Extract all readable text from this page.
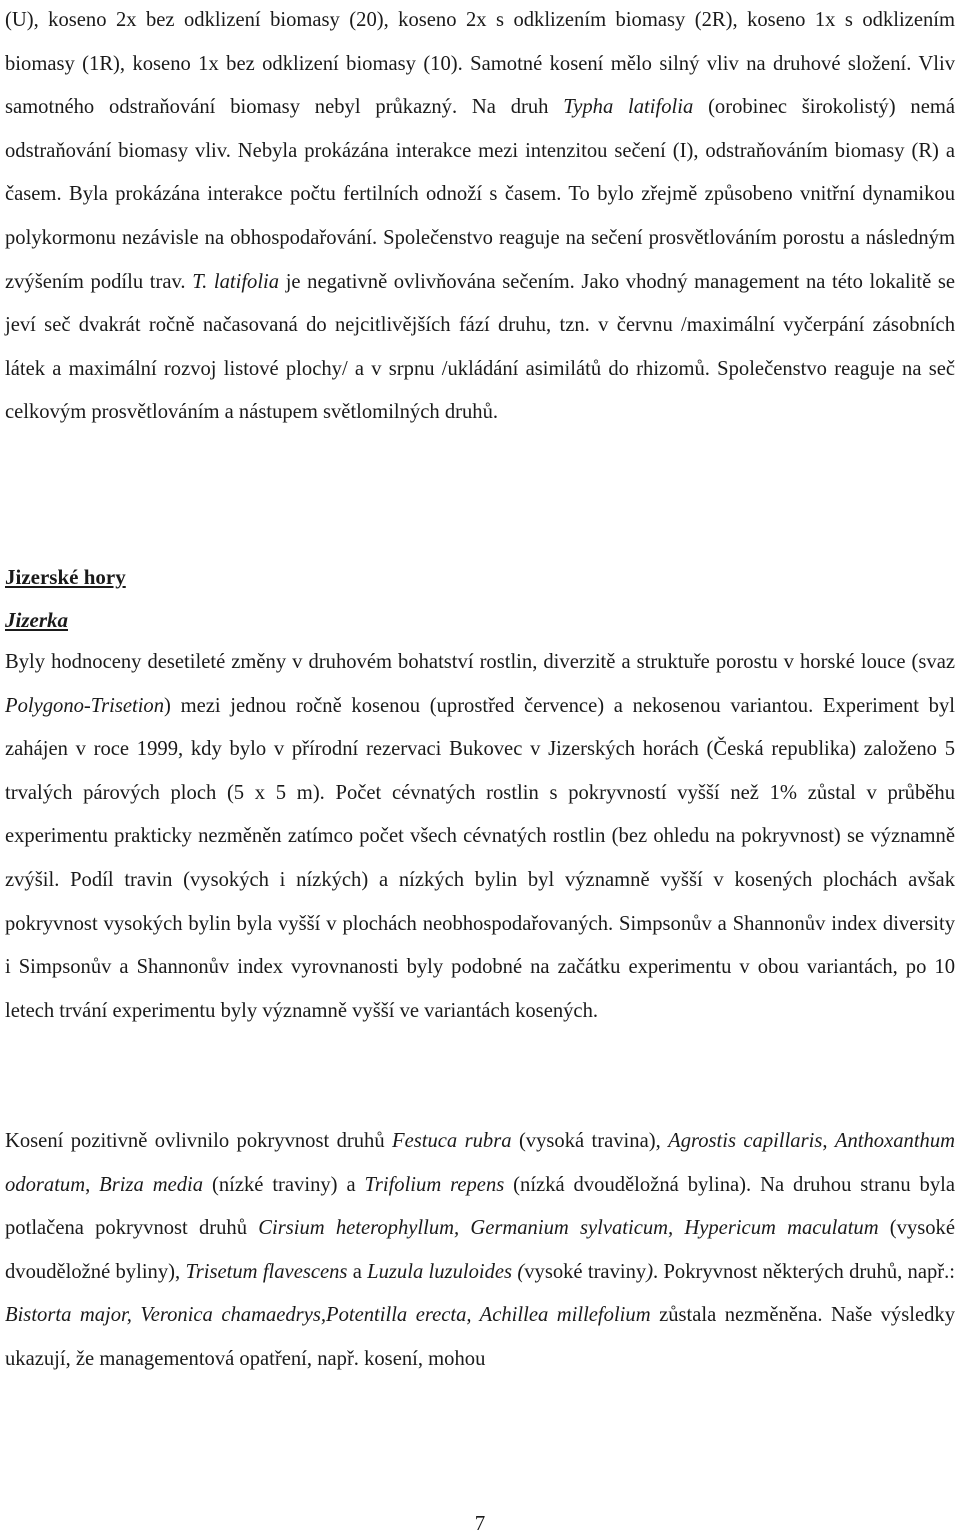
(U), koseno 2x bez odklizení biomasy (20), koseno 2x s odklizením biomasy (2R), koseno 1x s odklizením biomasy (1R), koseno 1x bez odklizení biomasy (10). Samotné kosení mělo silný vliv na druhové složení. Vliv samotného odstraňování biomasy nebyl průkazný. Na druh Typha latifolia (orobinec širokolistý) nemá odstraňování biomasy vliv. Nebyla prokázána interakce mezi intenzitou sečení (I), odstraňováním biomasy (R) a časem. Byla prokázána interakce počtu fertilních odnoží s časem. To bylo zřejmě způsobeno vnitřní dynamikou polykormonu nezávisle na obhospodařování. Společenstvo reaguje na sečení prosvětlováním porostu a následným zvýšením podílu trav. T. latifolia je negativně ovlivňována sečením. Jako vhodný management na této lokalitě se jeví seč dvakrát ročně načasovaná do nejcitlivějších fází druhu, tzn. v červnu /maximální vyčerpání zásobních látek a maximální rozvoj listové plochy/ a v srpnu /ukládání asimilátů do rhizomů. Společenstvo reaguje na seč celkovým prosvětlováním a nástupem světlomilných druhů.

Jizerské hory
Jizerka

Byly hodnoceny desetileté změny v druhovém bohatství rostlin, diverzitě a struktuře porostu v horské louce (svaz Polygono-Trisetion) mezi jednou ročně kosenou (uprostřed července) a nekosenou variantou. Experiment byl zahájen v roce 1999, kdy bylo v přírodní rezervaci Bukovec v Jizerských horách (Česká republika) založeno 5 trvalých párových ploch (5 x 5 m). Počet cévnatých rostlin s pokryvností vyšší než 1% zůstal v průběhu experimentu prakticky nezměněn zatímco počet všech cévnatých rostlin (bez ohledu na pokryvnost) se významně zvýšil. Podíl travin (vysokých i nízkých) a nízkých bylin byl významně vyšší v kosených plochách avšak pokryvnost vysokých bylin byla vyšší v plochách neobhospodařovaných. Simpsonův a Shannonův index diversity i Simpsonův a Shannonův index vyrovnanosti byly podobné na začátku experimentu v obou variantách, po 10 letech trvání experimentu byly významně vyšší ve variantách kosených.

Kosení pozitivně ovlivnilo pokryvnost druhů Festuca rubra (vysoká travina), Agrostis capillaris, Anthoxanthum odoratum, Briza media (nízké traviny) a Trifolium repens (nízká dvouděložná bylina). Na druhou stranu byla potlačena pokryvnost druhů Cirsium heterophyllum, Germanium sylvaticum, Hypericum maculatum (vysoké dvouděložné byliny), Trisetum flavescens a Luzula luzuloides (vysoké traviny). Pokryvnost některých druhů, např.: Bistorta major, Veronica chamaedrys,Potentilla erecta, Achillea millefolium zůstala nezměněna. Naše výsledky ukazují, že managementová opatření, např. kosení, mohou

7
